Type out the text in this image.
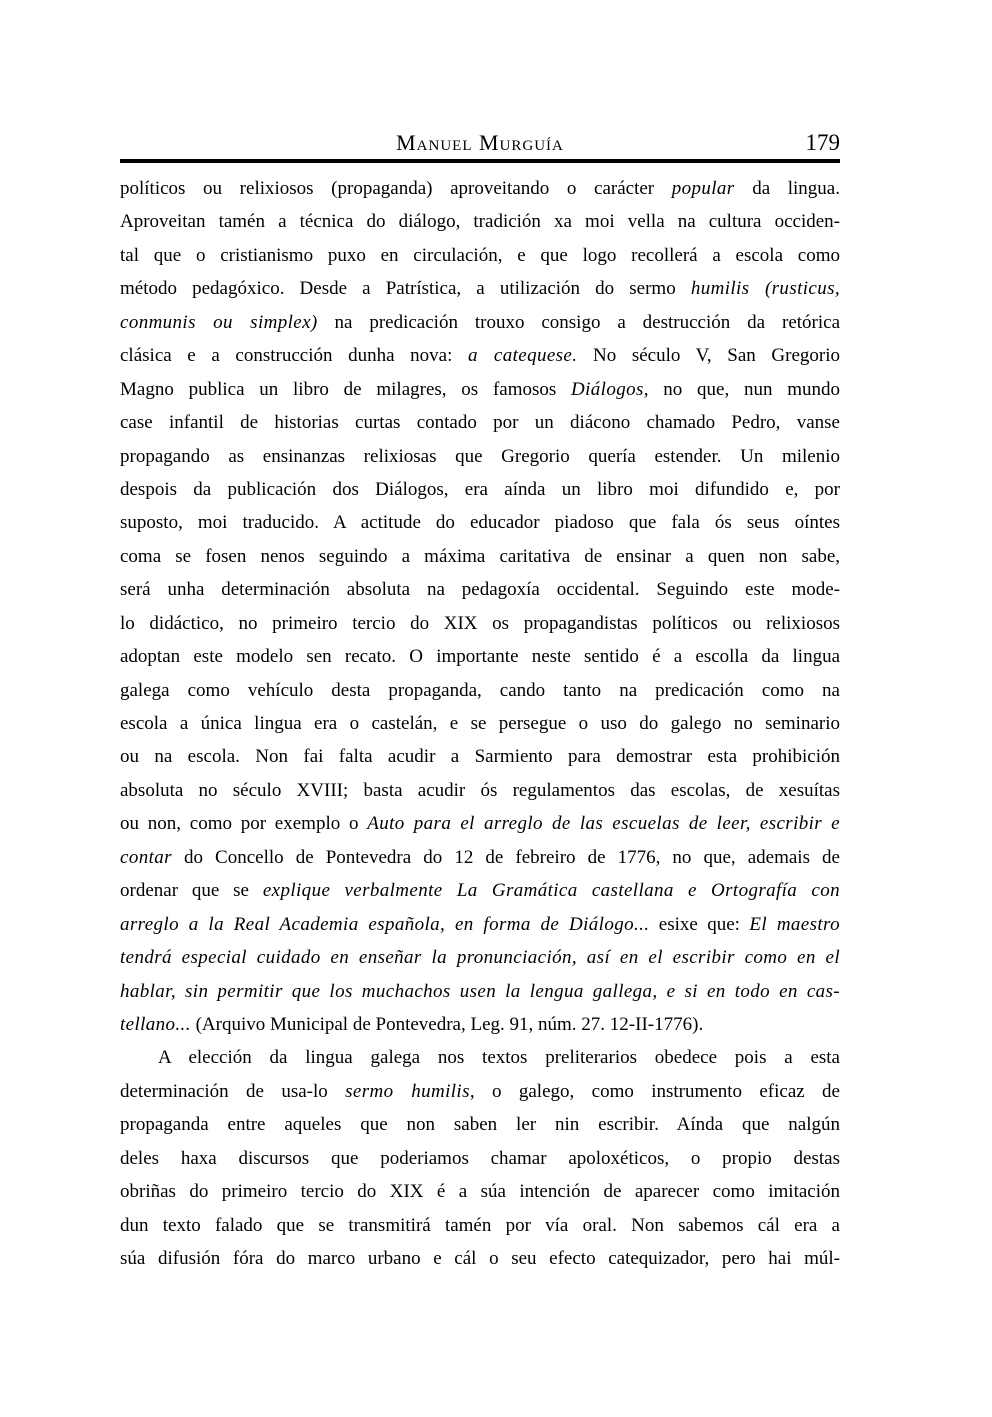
Manuel Murguía	179
políticos ou relixiosos (propaganda) aproveitando o carácter popular da lingua.
Aproveitan tamén a técnica do diálogo, tradición xa moi vella na cultura occiden-
tal que o cristianismo puxo en circulación, e que logo recollerá a escola como
método pedagóxico. Desde a Patrística, a utilización do sermo humilis (rusticus,
conmunis ou simplex) na predicación trouxo consigo a destrucción da retórica
clásica e a construcción dunha nova: a catequese. No século V, San Gregorio
Magno publica un libro de milagres, os famosos Diálogos, no que, nun mundo
case infantil de historias curtas contado por un diácono chamado Pedro, vanse
propagando as ensinanzas relixiosas que Gregorio quería estender. Un milenio
despois da publicación dos Diálogos, era aínda un libro moi difundido e, por
suposto, moi traducido. A actitude do educador piadoso que fala ós seus oíntes
coma se fosen nenos seguindo a máxima caritativa de ensinar a quen non sabe,
será unha determinación absoluta na pedagoxía occidental. Seguindo este mode-
lo didáctico, no primeiro tercio do XIX os propagandistas políticos ou relixiosos
adoptan este modelo sen recato. O importante neste sentido é a escolla da lingua
galega como vehículo desta propaganda, cando tanto na predicación como na
escola a única lingua era o castelán, e se persegue o uso do galego no seminario
ou na escola. Non fai falta acudir a Sarmiento para demostrar esta prohibición
absoluta no século XVIII; basta acudir ós regulamentos das escolas, de xesuítas
ou non, como por exemplo o Auto para el arreglo de las escuelas de leer, escribir e
contar do Concello de Pontevedra do 12 de febreiro de 1776, no que, ademais de
ordenar que se explique verbalmente La Gramática castellana e Ortografía con
arreglo a la Real Academia española, en forma de Diálogo... esixe que: El maestro
tendrá especial cuidado en enseñar la pronunciación, así en el escribir como en el
hablar, sin permitir que los muchachos usen la lengua gallega, e si en todo en cas-
tellano... (Arquivo Municipal de Pontevedra, Leg. 91, núm. 27. 12-II-1776).
A elección da lingua galega nos textos preliterarios obedece pois a esta
determinación de usa-lo sermo humilis, o galego, como instrumento eficaz de
propaganda entre aqueles que non saben ler nin escribir. Aínda que nalgún
deles haxa discursos que poderiamos chamar apoloxéticos, o propio destas
obriñas do primeiro tercio do XIX é a súa intención de aparecer como imitación
dun texto falado que se transmitirá tamén por vía oral. Non sabemos cál era a
súa difusión fóra do marco urbano e cál o seu efecto catequizador, pero hai múl-
